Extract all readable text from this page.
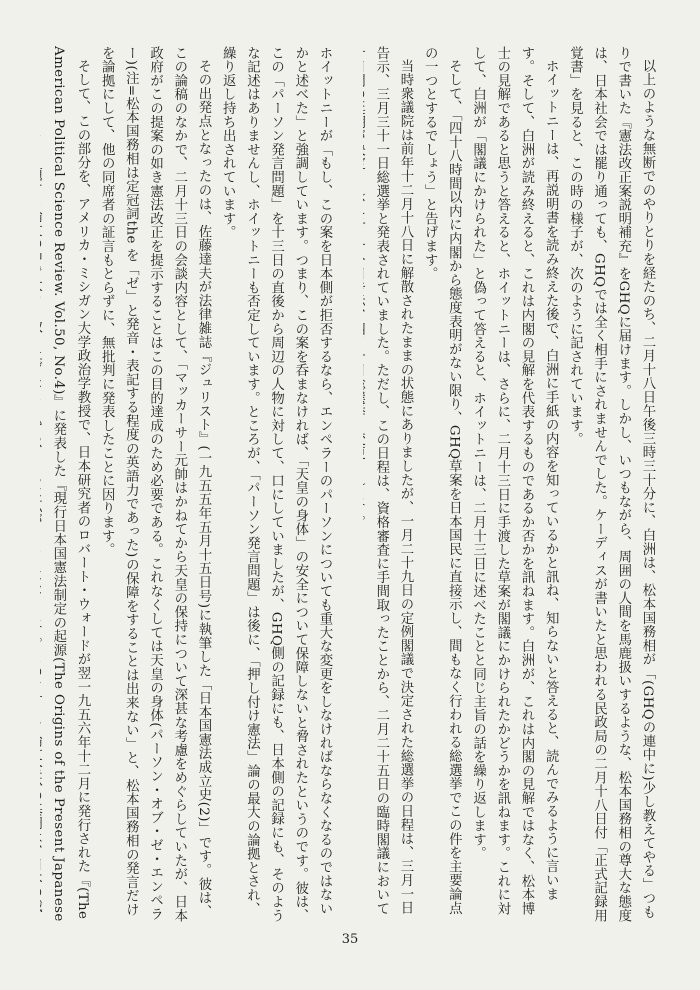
以上のような無断でのやりとりを経たのち、二月十八日午後三時三十分に、白洲は、松本国務相が「(GHQの連中に)少し教えてやる」つもりで書いた『憲法改正案説明補充』をGHQに届けます。しかし、いつもながら、周囲の人間を馬鹿扱いするような、松本国務相の尊大な態度は、日本社会では罷り通っても、GHQでは全く相手にされませんでした。ケーディスが書いたと思われる民政局の二月十八日付「正式記録用覚書」を見ると、この時の様子が、次のように記されています。

ホイットニーは、再説明書を読み終えた後で、白洲に手紙の内容を知っているかと訊ね、知らないと答えると、読んでみるように言います。そして、白洲が読み終えると、これは内閣の見解を代表するものであるか否かを訊ねます。白洲が、これは内閣の見解ではなく、松本博士の見解であると思うと答えると、ホイットニーは、さらに、二月十三日に手渡した草案が閣議にかけられたかどうかを訊ねます。これに対して、白洲が「閣議にかけられた」と偽って答えると、ホイットニーは、二月十三日に述べたことと同じ主旨の話を繰り返します。

そして、「四十八時間以内に内閣から態度表明がない限り、GHQ草案を日本国民に直接示し、間もなく行われる総選挙でこの件を主要論点の一つとするでしょう」と告げます。

当時衆議院は前年十二月十八日に解散されたままの状態にありましたが、一月二十九日の定例閣議で決定された総選挙の日程は、三月一日告示、三月三十一日総選挙と発表されていました。ただし、この日程は、資格審査に手間取ったことから、二月二十五日の臨時閣議において

ホイットニーが「もし、この案を日本側が拒否するなら、エンペラーのパーソンについても重大な変更をしなければならなくなるのではないかと述べた」と強調しています。つまり、この案を呑まなければ、「天皇の身体」の安全について保障しないと脅されたというのです。彼は、この「パーソン発言問題」を十三日の直後から周辺の人物に対して、口にしていましたが、GHQ側の記録にも、日本側の記録にも、そのような記述はありませんし、ホイットニーも否定しています。ところが、「パーソン発言問題」は後に、「押し付け憲法」論の最大の論拠とされ、繰り返し持ち出されています。

その出発点となったのは、佐藤達夫が法律雑誌『ジュリスト』(一九五五年五月十五日号)に執筆した「日本国憲法成立史(2)」です。彼は、この論稿のなかで、二月十三日の会談内容として、「マッカーサー元帥はかねてから天皇の保持について深甚な考慮をめぐらしていたが、日本政府がこの提案の如き憲法改正を提示することはこの目的達成のため必要である。これなくしては天皇の身体(パーソン・オブ・ゼ・エンペラー)(注=松本国務相は定冠詞the を「ゼ」と発音・表記する程度の英語力であった)の保障をすることは出来ない」と、松本国務相の発言だけを論拠にして、他の同席者の証言もとらずに、無批判に発表したことに因ります。

そして、この部分を、アメリカ・ミシガン大学政治学教授で、日本研究者のロバート・ウォードが翌一九五六年十二月に発行された『(The American Political Science Review. Vol.50, No.4)』に発表した『現行日本国憲法制定の起源(The Origins of the Present Japanese

35
